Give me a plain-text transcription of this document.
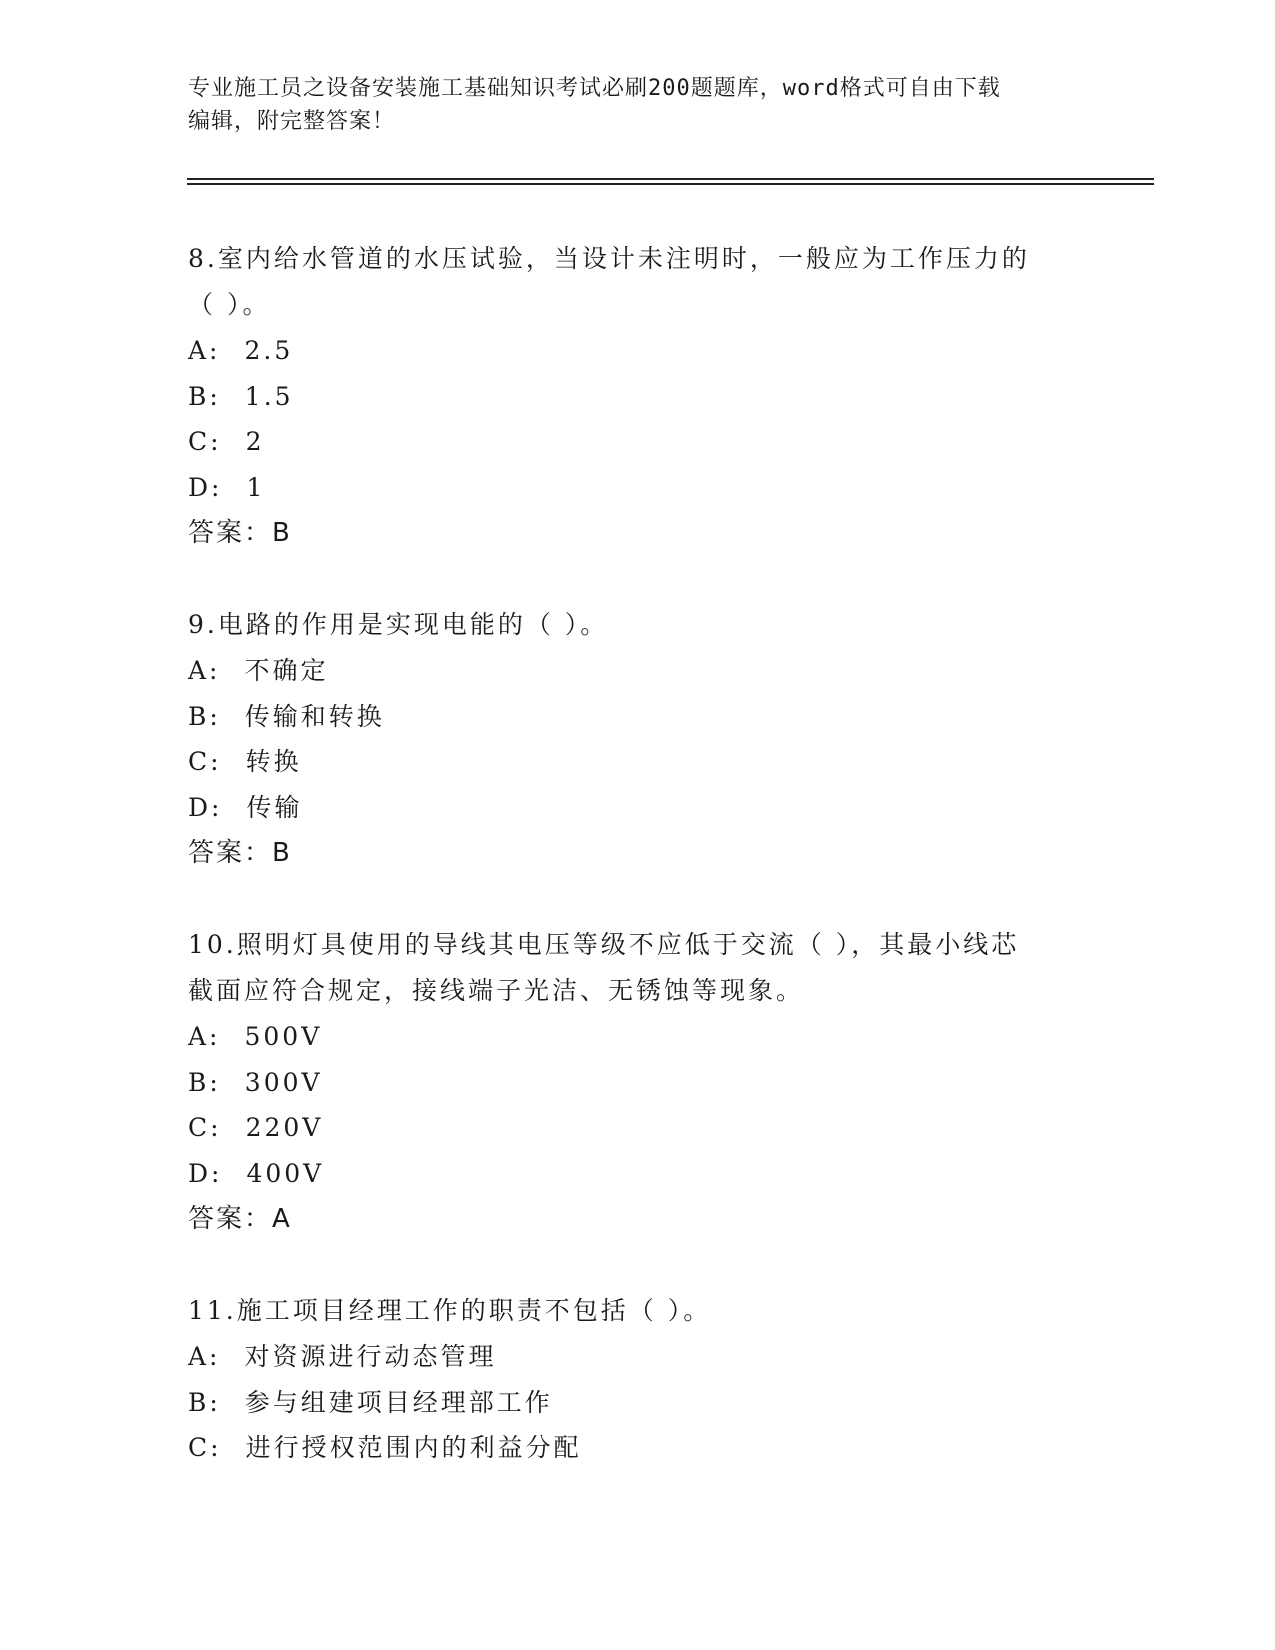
专业施工员之设备安装施工基础知识考试必刷200题题库，word格式可自由下载
编辑，附完整答案！

8.室内给水管道的水压试验，当设计未注明时，一般应为工作压力的
（ ）。

A: 2.5

B: 1.5

C: 2

D: 1

答案：B

9.电路的作用是实现电能的（ ）。

A: 不确定

B: 传输和转换

C: 转换

D: 传输

答案：B

10.照明灯具使用的导线其电压等级不应低于交流（ ），其最小线芯
截面应符合规定，接线端子光洁、无锈蚀等现象。

A: 500V

B: 300V

C: 220V

D: 400V

答案：A

11.施工项目经理工作的职责不包括（ ）。

A: 对资源进行动态管理

B: 参与组建项目经理部工作

C: 进行授权范围内的利益分配
